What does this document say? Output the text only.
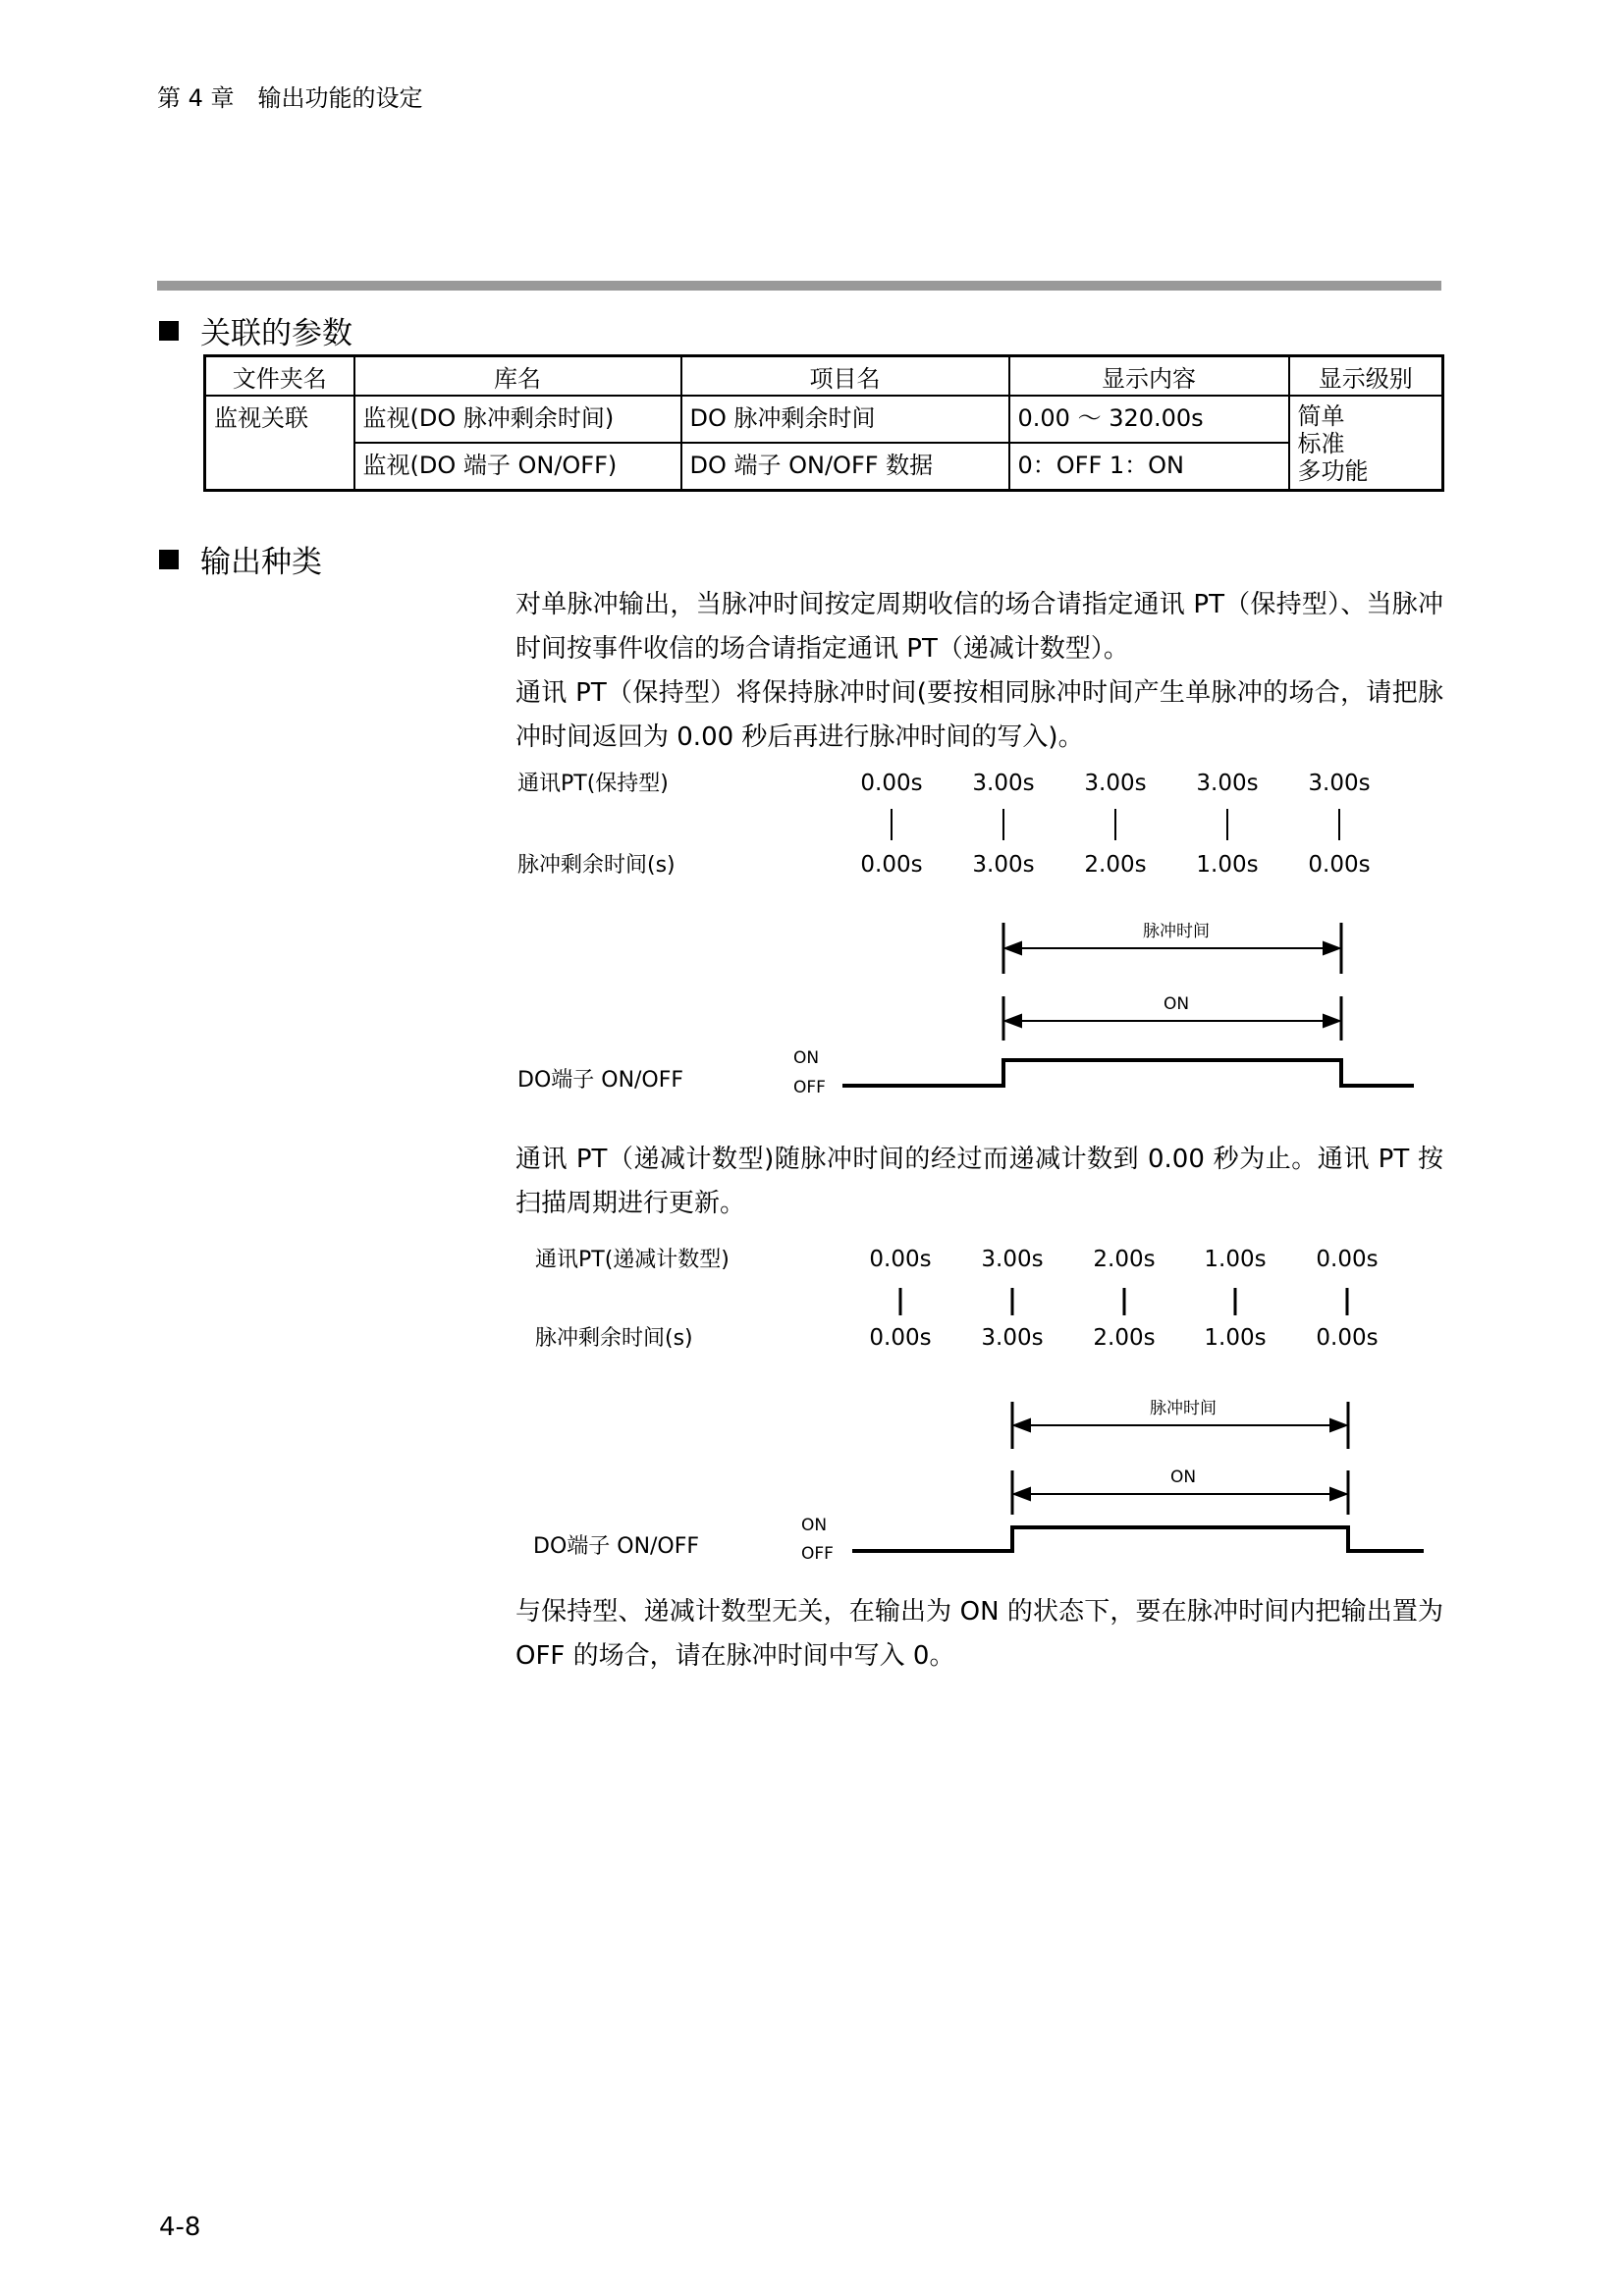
第 4 章　输出功能的设定
关联的参数
文件夹名	库名	项目名	显示内容	显示级别
监视关联	监视(DO 脉冲剩余时间)	DO 脉冲剩余时间	0.00 ～ 320.00s	简单
标准
多功能

	监视(DO 端子 ON/OFF)	DO 端子 ON/OFF 数据	0：OFF 1：ON	
输出种类

对单脉冲输出，当脉冲时间按定周期收信的场合请指定通讯 PT（保持型）、当脉冲时间按事件收信的场合请指定通讯 PT（递减计数型）。

通讯 PT（保持型）将保持脉冲时间(要按相同脉冲时间产生单脉冲的场合，请把脉冲时间返回为 0.00 秒后再进行脉冲时间的写入)。

通讯PT(保持型)	0.00s 3.00s 3.00s 3.00s 3.00s
脉冲剩余时间(s)	0.00s 3.00s 2.00s 1.00s 0.00s
脉冲时间
ON
DO端子 ON/OFF
ON
OFF

通讯 PT（递减计数型)随脉冲时间的经过而递减计数到 0.00 秒为止。通讯 PT 按扫描周期进行更新。

通讯PT(递减计数型)	0.00s 3.00s 2.00s 1.00s 0.00s
脉冲剩余时间(s)	0.00s 3.00s 2.00s 1.00s 0.00s
脉冲时间
ON
DO端子 ON/OFF
ON
OFF

与保持型、递减计数型无关，在输出为 ON 的状态下，要在脉冲时间内把输出置为 OFF 的场合，请在脉冲时间中写入 0。

4-8
